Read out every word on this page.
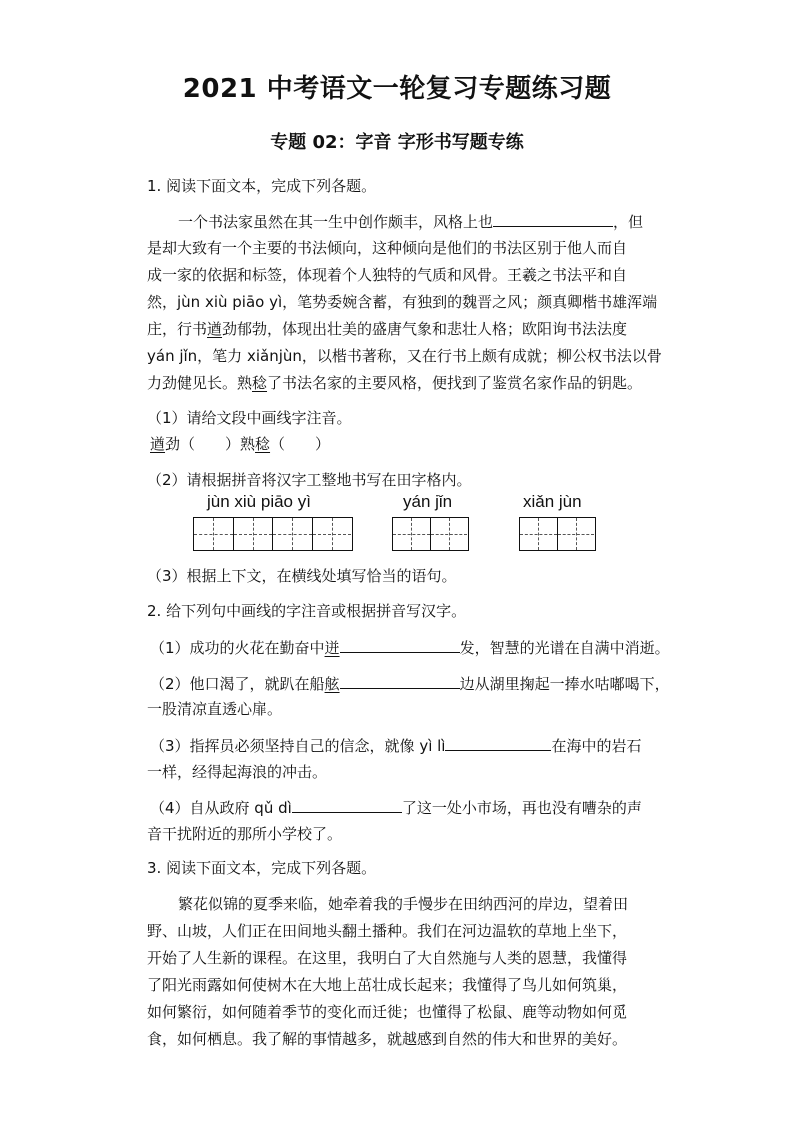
2021 中考语文一轮复习专题练习题
专题 02：字音 字形书写题专练
1. 阅读下面文本，完成下列各题。
一个书法家虽然在其一生中创作颇丰，风格上也	，但
是却大致有一个主要的书法倾向，这种倾向是他们的书法区别于他人而自
成一家的依据和标签，体现着个人独特的气质和风骨。王羲之书法平和自
然，jùn xiù piāo yì，笔势委婉含蓄，有独到的魏晋之风；颜真卿楷书雄浑端
庄，行书遒劲郁勃，体现出壮美的盛唐气象和悲壮人格；欧阳询书法法度
yán jǐn，笔力 xiǎnjùn，以楷书著称，又在行书上颇有成就；柳公权书法以骨
力劲健见长。熟稔了书法名家的主要风格，便找到了鉴赏名家作品的钥匙。
（1）请给文段中画线字注音。
遒劲（　　）熟稔（　　）
（2）请根据拼音将汉字工整地书写在田字格内。
jùn xiù piāo yì	yán jǐn	xiǎn jùn
（3）根据上下文，在横线处填写恰当的语句。
2. 给下列句中画线的字注音或根据拼音写汉字。
（1）成功的火花在勤奋中迸	发，智慧的光谱在自满中消逝。
（2）他口渴了，就趴在船舷	边从湖里掬起一捧水咕嘟喝下，
一股清凉直透心扉。
（3）指挥员必须坚持自己的信念，就像 yì lì	在海中的岩石
一样，经得起海浪的冲击。
（4）自从政府 qǔ dì	了这一处小市场，再也没有嘈杂的声
音干扰附近的那所小学校了。
3. 阅读下面文本，完成下列各题。
繁花似锦的夏季来临，她牵着我的手慢步在田纳西河的岸边，望着田
野、山坡，人们正在田间地头翻土播种。我们在河边温软的草地上坐下，
开始了人生新的课程。在这里，我明白了大自然施与人类的恩慧，我懂得
了阳光雨露如何使树木在大地上茁壮成长起来；我懂得了鸟儿如何筑巢，
如何繁衍，如何随着季节的变化而迁徙；也懂得了松鼠、鹿等动物如何觅
食，如何栖息。我了解的事情越多，就越感到自然的伟大和世界的美好。
